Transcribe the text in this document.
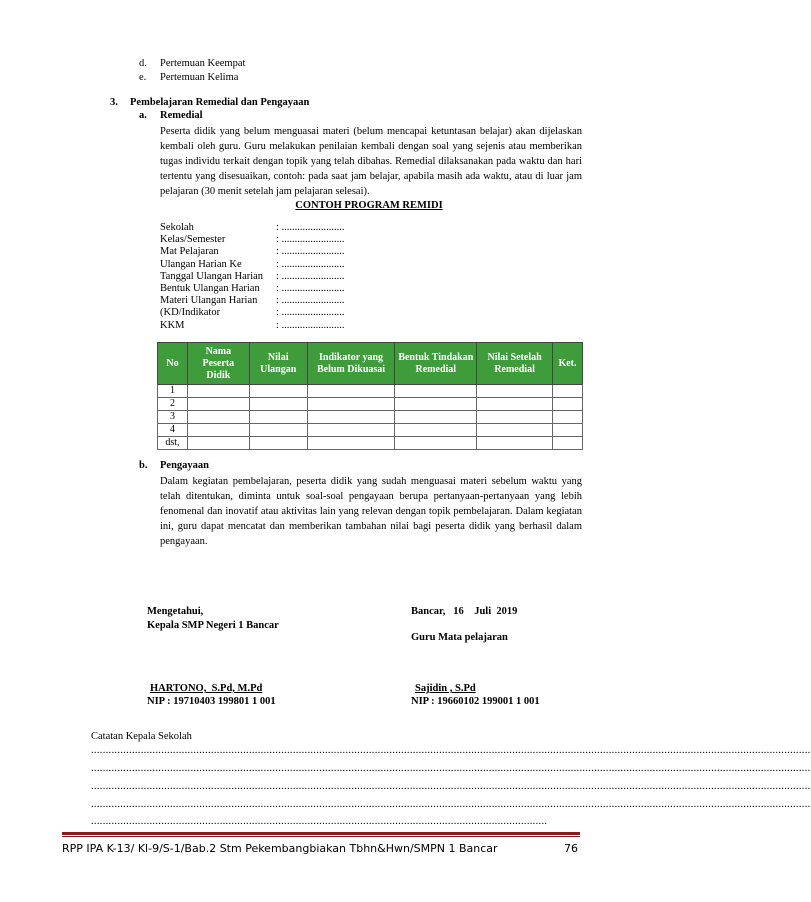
d. Pertemuan Keempat
e. Pertemuan Kelima
3. Pembelajaran Remedial dan Pengayaan
a. Remedial
Peserta didik yang belum menguasai materi (belum mencapai ketuntasan belajar) akan dijelaskan kembali oleh guru. Guru melakukan penilaian kembali dengan soal yang sejenis atau memberikan tugas individu terkait dengan topik yang telah dibahas. Remedial dilaksanakan pada waktu dan hari tertentu yang disesuaikan, contoh: pada saat jam belajar, apabila masih ada waktu, atau di luar jam pelajaran (30 menit setelah jam pelajaran selesai).
CONTOH PROGRAM REMIDI
Sekolah	: ........................
Kelas/Semester	: ........................
Mat Pelajaran	: ........................
Ulangan Harian Ke	: ........................
Tanggal Ulangan Harian : ........................
Bentuk Ulangan Harian : ........................
Materi Ulangan Harian : ........................
(KD/Indikator	: ........................
KKM	: ........................
No	Nama Peserta Didik	Nilai Ulangan	Indikator yang Belum Dikuasai	Bentuk Tindakan Remedial	Nilai Setelah Remedial	Ket.
1						
2						
3						
4						
dst,						
b. Pengayaan
Dalam kegiatan pembelajaran, peserta didik yang sudah menguasai materi sebelum waktu yang telah ditentukan, diminta untuk soal-soal pengayaan berupa pertanyaan-pertanyaan yang lebih fenomenal dan inovatif atau aktivitas lain yang relevan dengan topik pembelajaran. Dalam kegiatan ini, guru dapat mencatat dan memberikan tambahan nilai bagi peserta didik yang berhasil dalam pengayaan.
Mengetahui,
Kepala SMP Negeri 1 Bancar
Bancar,   16    Juli  2019
Guru Mata pelajaran
HARTONO,  S.Pd, M.Pd
NIP : 19710403 199801 1 001
Sajidin , S.Pd
NIP : 19660102 199001 1 001
Catatan Kepala Sekolah
......................................................................................................................................................................................................................................................
......................................................................................................................................................................................................................................................
......................................................................................................................................................................................................................................................
......................................................................................................................................................................................................................................................
............................................................................................................................................................
RPP IPA K-13/ Kl-9/S-1/Bab.2 Stm Pekembangbiakan Tbhn&Hwn/SMPN 1 Bancar	76
